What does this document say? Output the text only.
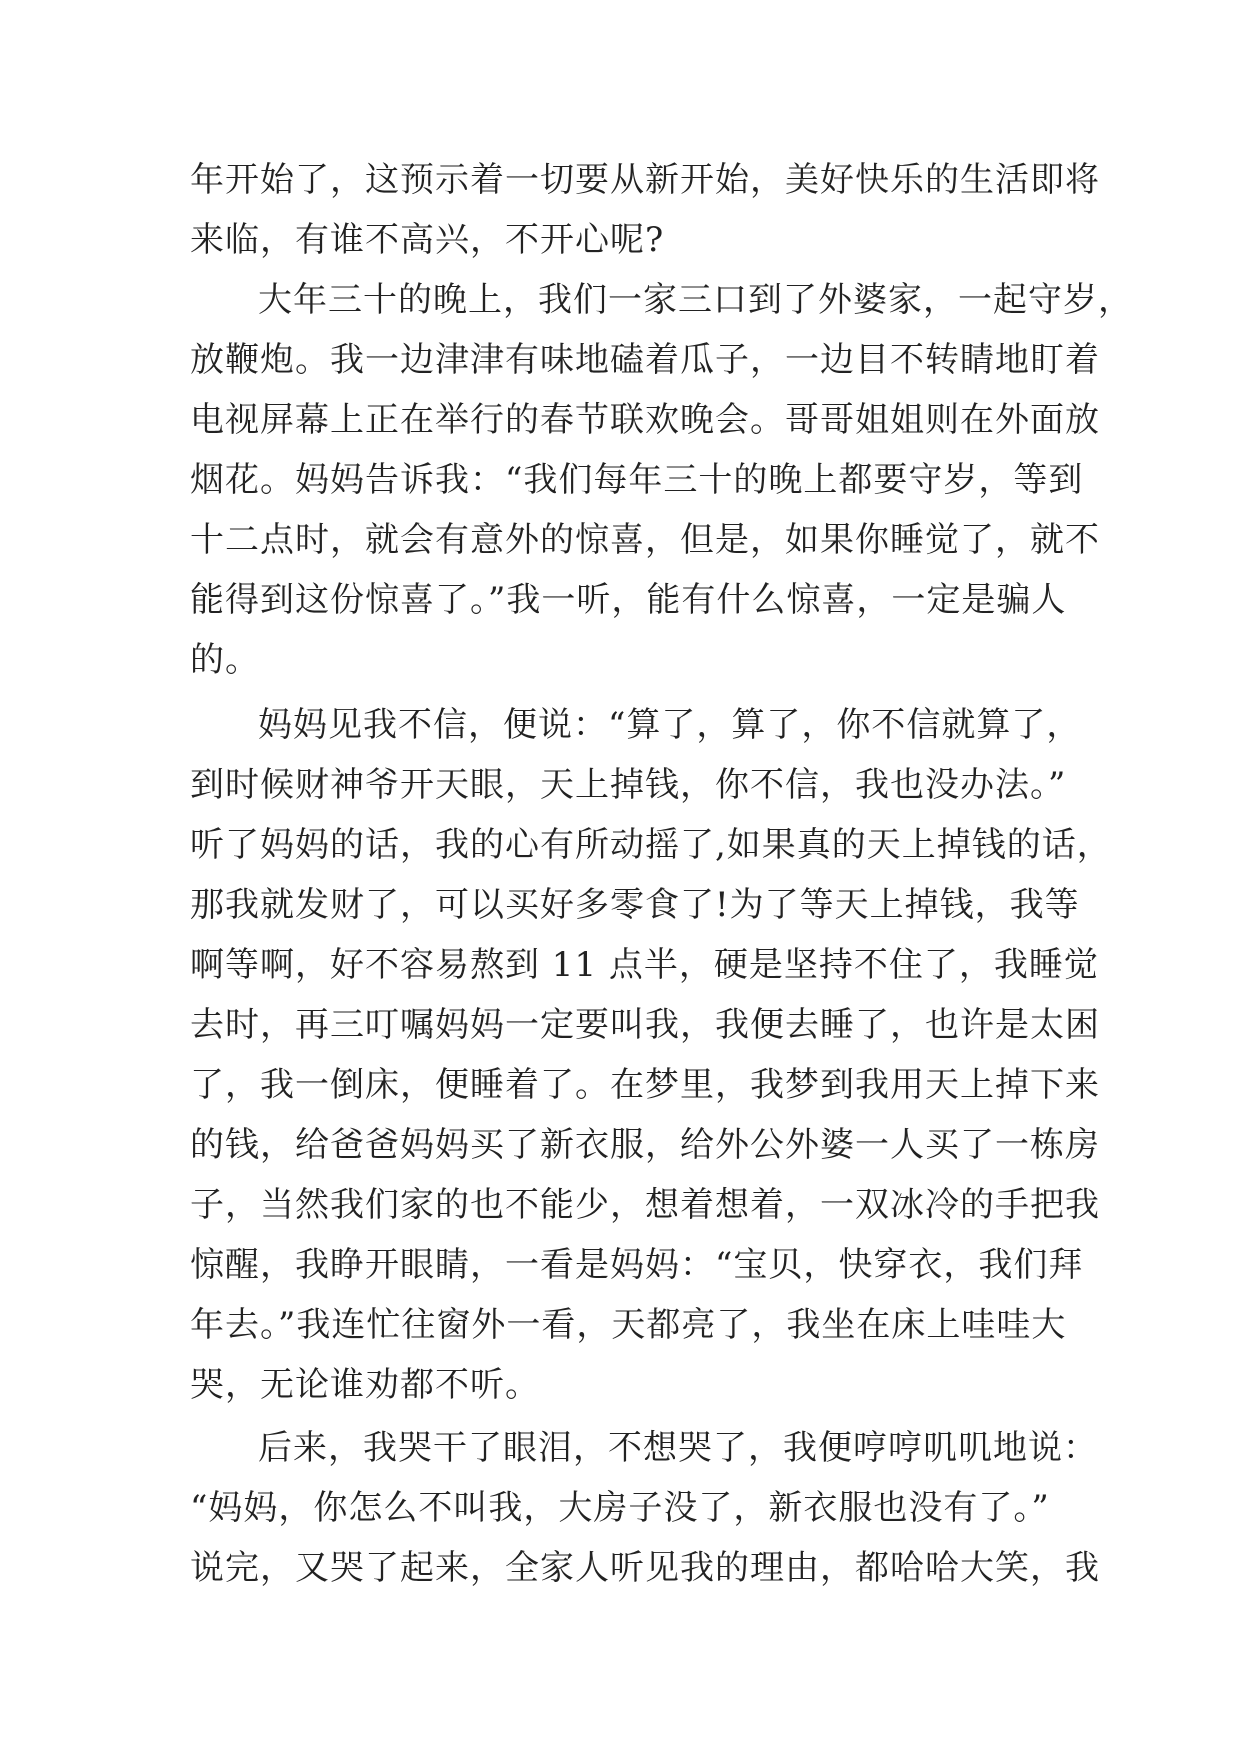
年开始了，这预示着一切要从新开始，美好快乐的生活即将
来临，有谁不高兴，不开心呢?
大年三十的晚上，我们一家三口到了外婆家，一起守岁，
放鞭炮。我一边津津有味地磕着瓜子，一边目不转睛地盯着
电视屏幕上正在举行的春节联欢晚会。哥哥姐姐则在外面放
烟花。妈妈告诉我：“我们每年三十的晚上都要守岁，等到
十二点时，就会有意外的惊喜，但是，如果你睡觉了，就不
能得到这份惊喜了。”我一听，能有什么惊喜，一定是骗人
的。
妈妈见我不信，便说：“算了，算了，你不信就算了，
到时候财神爷开天眼，天上掉钱，你不信，我也没办法。”
听了妈妈的话，我的心有所动摇了,如果真的天上掉钱的话，
那我就发财了，可以买好多零食了!为了等天上掉钱，我等
啊等啊，好不容易熬到 11 点半，硬是坚持不住了，我睡觉
去时，再三叮嘱妈妈一定要叫我，我便去睡了，也许是太困
了，我一倒床，便睡着了。在梦里，我梦到我用天上掉下来
的钱，给爸爸妈妈买了新衣服，给外公外婆一人买了一栋房
子，当然我们家的也不能少，想着想着，一双冰冷的手把我
惊醒，我睁开眼睛，一看是妈妈：“宝贝，快穿衣，我们拜
年去。”我连忙往窗外一看，天都亮了，我坐在床上哇哇大
哭，无论谁劝都不听。
后来，我哭干了眼泪，不想哭了，我便哼哼叽叽地说：
“妈妈，你怎么不叫我，大房子没了，新衣服也没有了。”
说完，又哭了起来，全家人听见我的理由，都哈哈大笑，我
